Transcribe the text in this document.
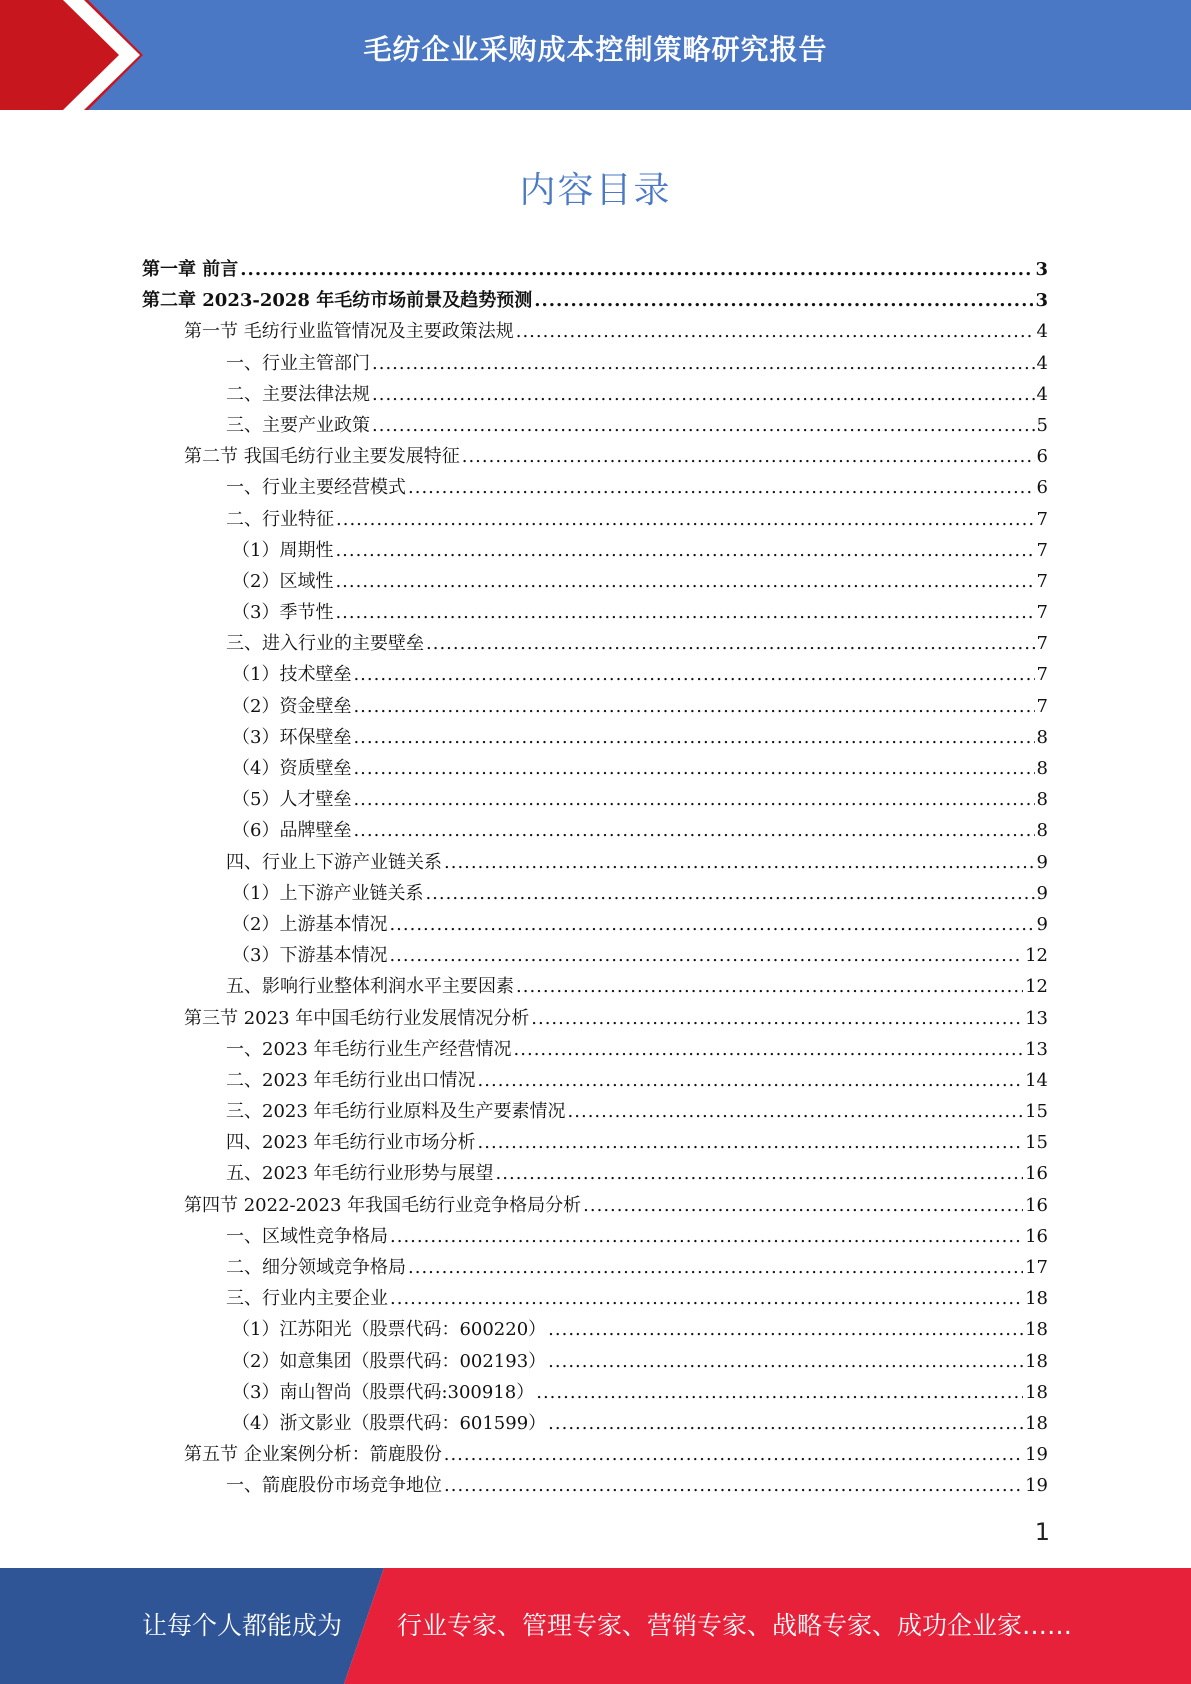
毛纺企业采购成本控制策略研究报告
内容目录
第一章 前言 .....	3
第二章 2023-2028 年毛纺市场前景及趋势预测 .....	3
第一节 毛纺行业监管情况及主要政策法规 .....	4
一、行业主管部门 .....	4
二、主要法律法规 .....	4
三、主要产业政策 .....	5
第二节 我国毛纺行业主要发展特征 .....	6
一、行业主要经营模式 .....	6
二、行业特征 .....	7
（1）周期性 .....	7
（2）区域性 .....	7
（3）季节性 .....	7
三、进入行业的主要壁垒 .....	7
（1）技术壁垒 .....	7
（2）资金壁垒 .....	7
（3）环保壁垒 .....	8
（4）资质壁垒 .....	8
（5）人才壁垒 .....	8
（6）品牌壁垒 .....	8
四、行业上下游产业链关系 .....	9
（1）上下游产业链关系 .....	9
（2）上游基本情况 .....	9
（3）下游基本情况 .....	12
五、影响行业整体利润水平主要因素 .....	12
第三节 2023 年中国毛纺行业发展情况分析 .....	13
一、2023 年毛纺行业生产经营情况 .....	13
二、2023 年毛纺行业出口情况 .....	14
三、2023 年毛纺行业原料及生产要素情况 .....	15
四、2023 年毛纺行业市场分析 .....	15
五、2023 年毛纺行业形势与展望 .....	16
第四节 2022-2023 年我国毛纺行业竞争格局分析 .....	16
一、区域性竞争格局 .....	16
二、细分领域竞争格局 .....	17
三、行业内主要企业 .....	18
（1）江苏阳光（股票代码：600220） .....	18
（2）如意集团（股票代码：002193） .....	18
（3）南山智尚（股票代码:300918） .....	18
（4）浙文影业（股票代码：601599） .....	18
第五节 企业案例分析：箭鹿股份 .....	19
一、箭鹿股份市场竞争地位 .....	19
1
让每个人都能成为 行业专家、管理专家、营销专家、战略专家、成功企业家……
